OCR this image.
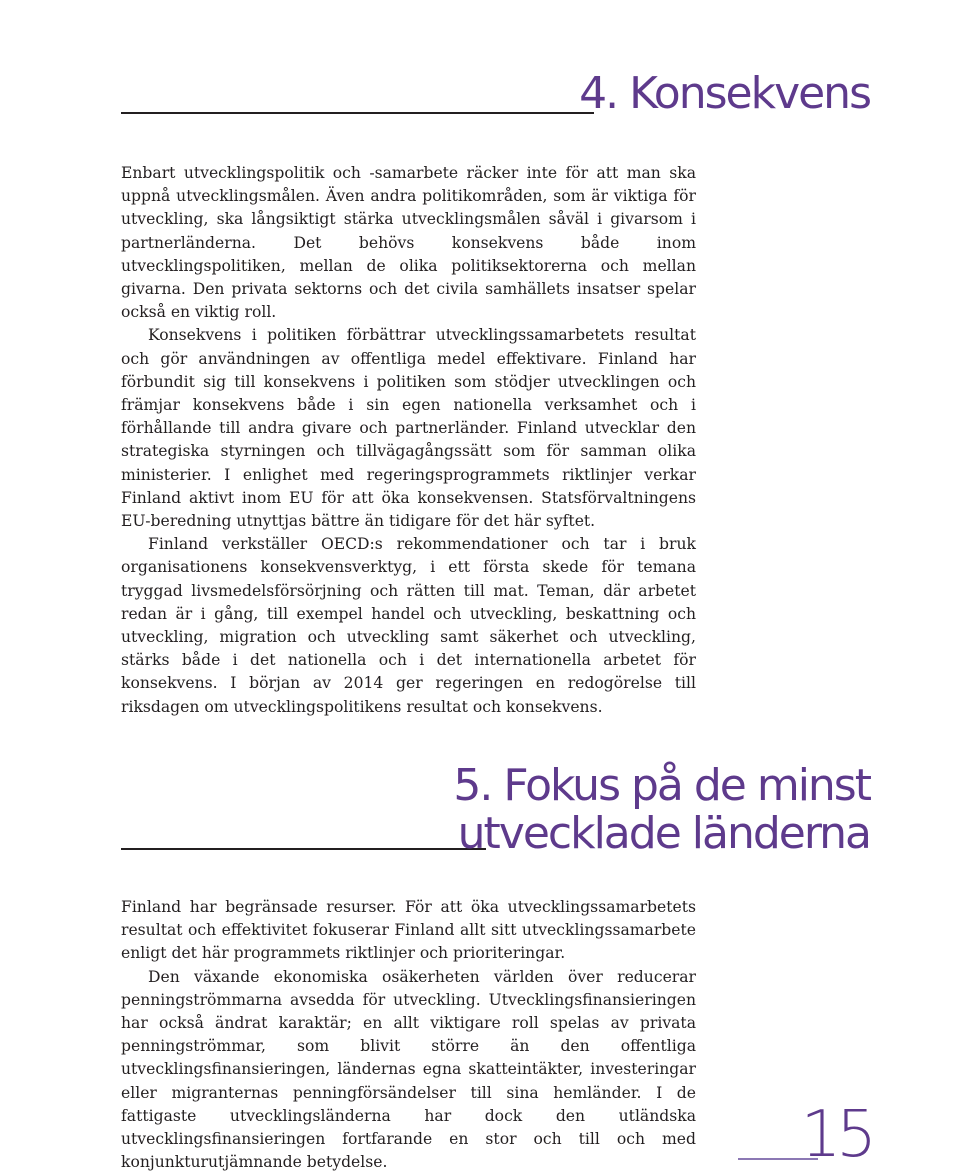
4. Konsekvens

Enbart utvecklingspolitik och -samarbete räcker inte för att man ska uppnå utvecklingsmålen. Även andra politikområden, som är viktiga för utveckling, ska långsiktigt stärka utvecklingsmålen såväl i givarsom i partnerländerna. Det behövs konsekvens både inom utvecklingspolitiken, mellan de olika politiksektorerna och mellan givarna. Den privata sektorns och det civila samhällets insatser spelar också en viktig roll.

Konsekvens i politiken förbättrar utvecklingssamarbetets resultat och gör användningen av offentliga medel effektivare. Finland har förbundit sig till konsekvens i politiken som stödjer utvecklingen och främjar konsekvens både i sin egen nationella verksamhet och i förhållande till andra givare och partnerländer. Finland utvecklar den strategiska styrningen och tillvägagångssätt som för samman olika ministerier. I enlighet med regeringsprogrammets riktlinjer verkar Finland aktivt inom EU för att öka konsekvensen. Statsförvaltningens EU-beredning utnyttjas bättre än tidigare för det här syftet.

Finland verkställer OECD:s rekommendationer och tar i bruk organisationens konsekvensverktyg, i ett första skede för temana tryggad livsmedelsförsörjning och rätten till mat. Teman, där arbetet redan är i gång, till exempel handel och utveckling, beskattning och utveckling, migration och utveckling samt säkerhet och utveckling, stärks både i det nationella och i det internationella arbetet för konsekvens. I början av 2014 ger regeringen en redogörelse till riksdagen om utvecklingspolitikens resultat och konsekvens.

5. Fokus på de minst
utvecklade länderna

Finland har begränsade resurser. För att öka utvecklingssamarbetets resultat och effektivitet fokuserar Finland allt sitt utvecklingssamarbete enligt det här programmets riktlinjer och prioriteringar.

Den växande ekonomiska osäkerheten världen över reducerar penningströmmarna avsedda för utveckling. Utvecklingsfinansieringen har också ändrat karaktär; en allt viktigare roll spelas av privata penningströmmar, som blivit större än den offentliga utvecklingsfinansieringen, ländernas egna skatteintäkter, investeringar eller migranternas penningförsändelser till sina hemländer. I de fattigaste utvecklingsländerna har dock den utländska utvecklingsfinansieringen fortfarande en stor och till och med konjunkturutjämnande betydelse.	15
